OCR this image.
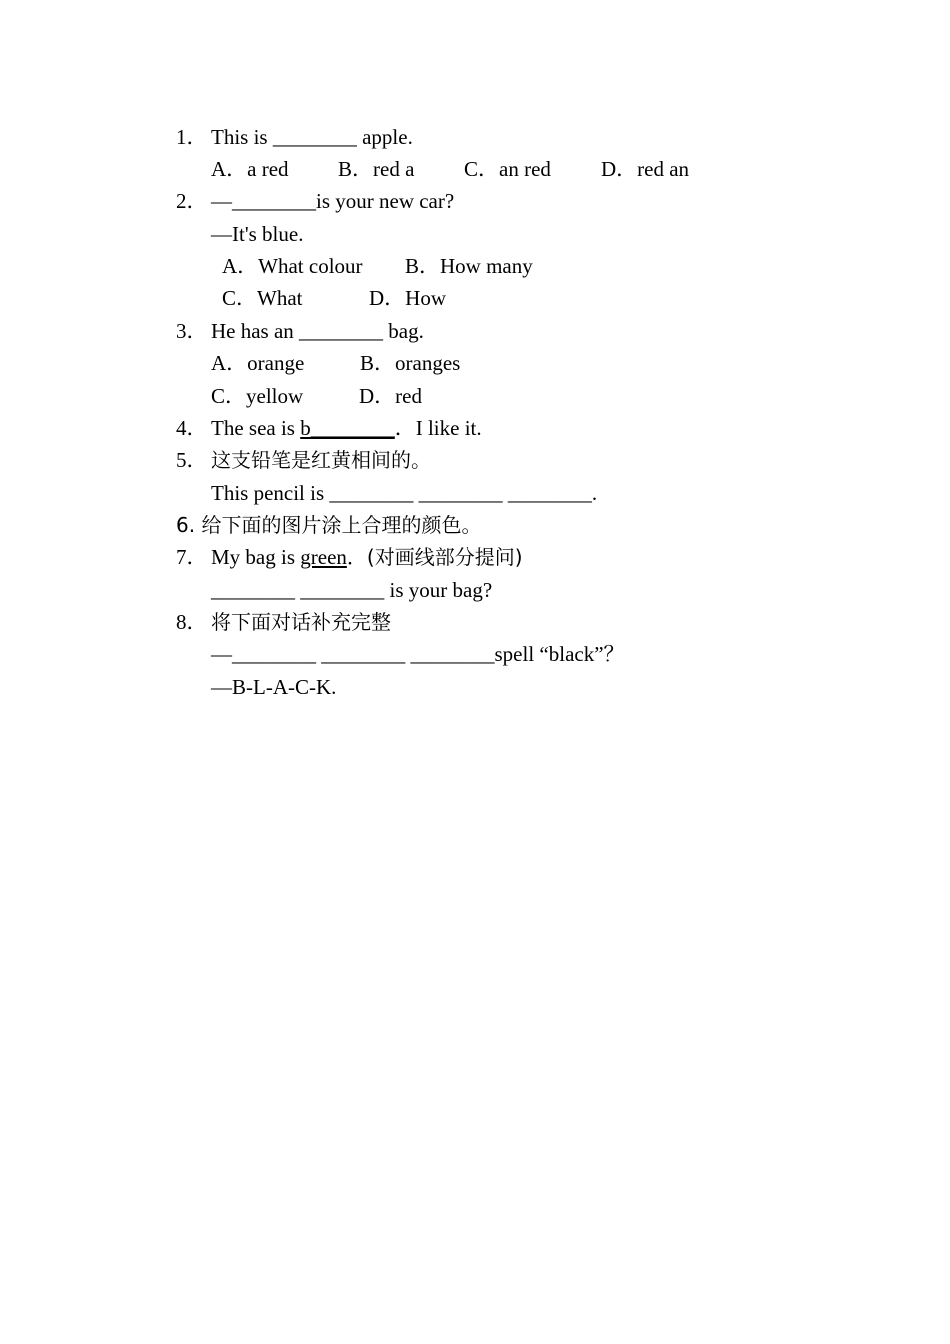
1． This is ________ apple.
A．a red B．red a C．an red D．red an
2． —________is your new car?
—It's blue.
A．What colour B．How many
C．What	D．How
3． He has an ________ bag.
A．orange	B．oranges
C．yellow	D．red
4． The sea is b________．I like it.
5． 这支铅笔是红黄相间的。
This pencil is ________ ________ ________.
6. 给下面的图片涂上合理的颜色。
7． My bag is green．(对画线部分提问)
________ ________ is your bag?
8． 将下面对话补充完整
—________ ________ ________spell “black”？
—B-L-A-C-K.
